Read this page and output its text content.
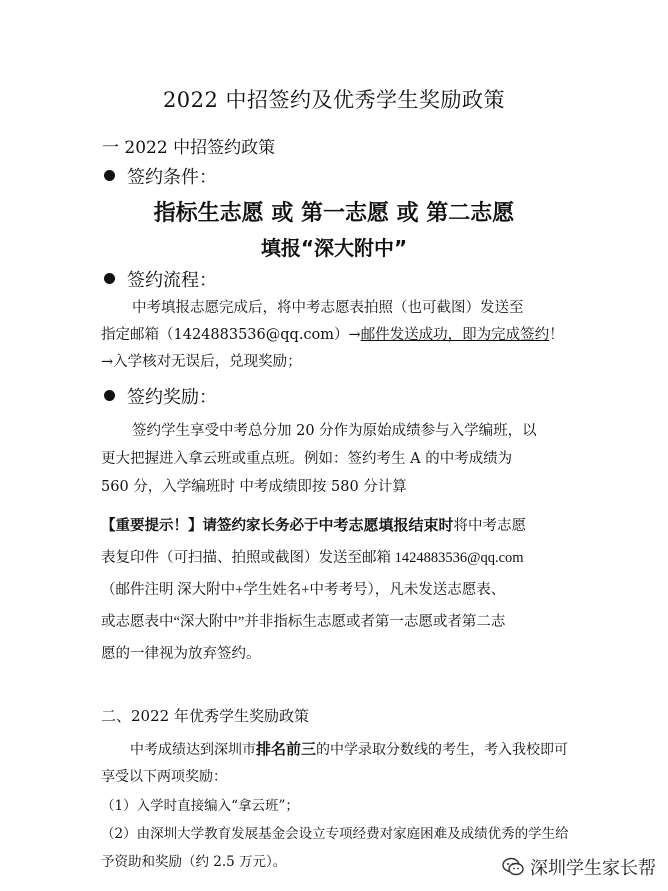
2022 中招签约及优秀学生奖励政策
一 2022 中招签约政策
签约条件：
指标生志愿 或 第一志愿 或 第二志愿
填报“深大附中”
签约流程：
中考填报志愿完成后，将中考志愿表拍照（也可截图）发送至
指定邮箱（1424883536@qq.com）→邮件发送成功，即为完成签约！
→入学核对无误后，兑现奖励；
签约奖励：
签约学生享受中考总分加 20 分作为原始成绩参与入学编班，以
更大把握进入拿云班或重点班。例如：签约考生 A 的中考成绩为
560 分，入学编班时 中考成绩即按 580 分计算
【重要提示！】请签约家长务必于中考志愿填报结束时将中考志愿
表复印件（可扫描、拍照或截图）发送至邮箱 1424883536@qq.com
（邮件注明 深大附中+学生姓名+中考考号），凡未发送志愿表、
或志愿表中“深大附中”并非指标生志愿或者第一志愿或者第二志
愿的一律视为放弃签约。
二、2022 年优秀学生奖励政策
中考成绩达到深圳市排名前三的中学录取分数线的考生，考入我校即可
享受以下两项奖励：
（1）入学时直接编入“拿云班”；
（2）由深圳大学教育发展基金会设立专项经费对家庭困难及成绩优秀的学生给
予资助和奖励（约 2.5 万元）。	深圳学生家长帮
